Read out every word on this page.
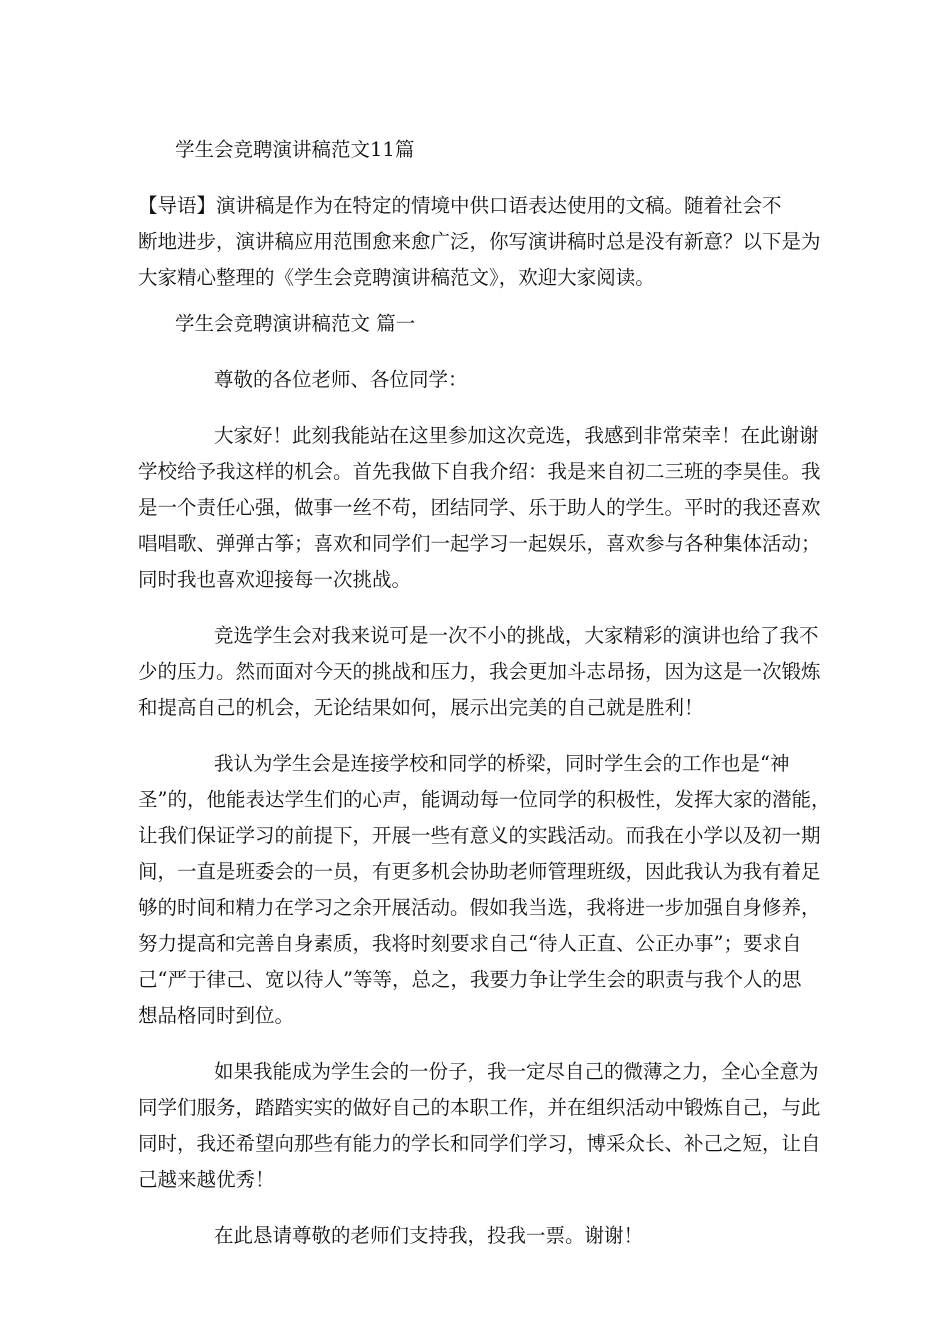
学生会竞聘演讲稿范文11篇

【导语】演讲稿是作为在特定的情境中供口语表达使用的文稿。随着社会不

断地进步，演讲稿应用范围愈来愈广泛，你写演讲稿时总是没有新意？以下是为

大家精心整理的《学生会竞聘演讲稿范文》，欢迎大家阅读。

学生会竞聘演讲稿范文 篇一

尊敬的各位老师、各位同学：

大家好！此刻我能站在这里参加这次竞选，我感到非常荣幸！在此谢谢

学校给予我这样的机会。首先我做下自我介绍：我是来自初二三班的李昊佳。我

是一个责任心强，做事一丝不苟，团结同学、乐于助人的学生。平时的我还喜欢

唱唱歌、弹弹古筝；喜欢和同学们一起学习一起娱乐，喜欢参与各种集体活动；

同时我也喜欢迎接每一次挑战。

竞选学生会对我来说可是一次不小的挑战，大家精彩的演讲也给了我不

少的压力。然而面对今天的挑战和压力，我会更加斗志昂扬，因为这是一次锻炼

和提高自己的机会，无论结果如何，展示出完美的自己就是胜利！

我认为学生会是连接学校和同学的桥梁，同时学生会的工作也是“神

圣”的，他能表达学生们的心声，能调动每一位同学的积极性，发挥大家的潜能，

让我们保证学习的前提下，开展一些有意义的实践活动。而我在小学以及初一期

间，一直是班委会的一员，有更多机会协助老师管理班级，因此我认为我有着足

够的时间和精力在学习之余开展活动。假如我当选，我将进一步加强自身修养，

努力提高和完善自身素质，我将时刻要求自己“待人正直、公正办事”；要求自

己“严于律己、宽以待人”等等，总之，我要力争让学生会的职责与我个人的思

想品格同时到位。

如果我能成为学生会的一份子，我一定尽自己的微薄之力，全心全意为

同学们服务，踏踏实实的做好自己的本职工作，并在组织活动中锻炼自己，与此

同时，我还希望向那些有能力的学长和同学们学习，博采众长、补己之短，让自

己越来越优秀！

在此恳请尊敬的老师们支持我，投我一票。谢谢！
